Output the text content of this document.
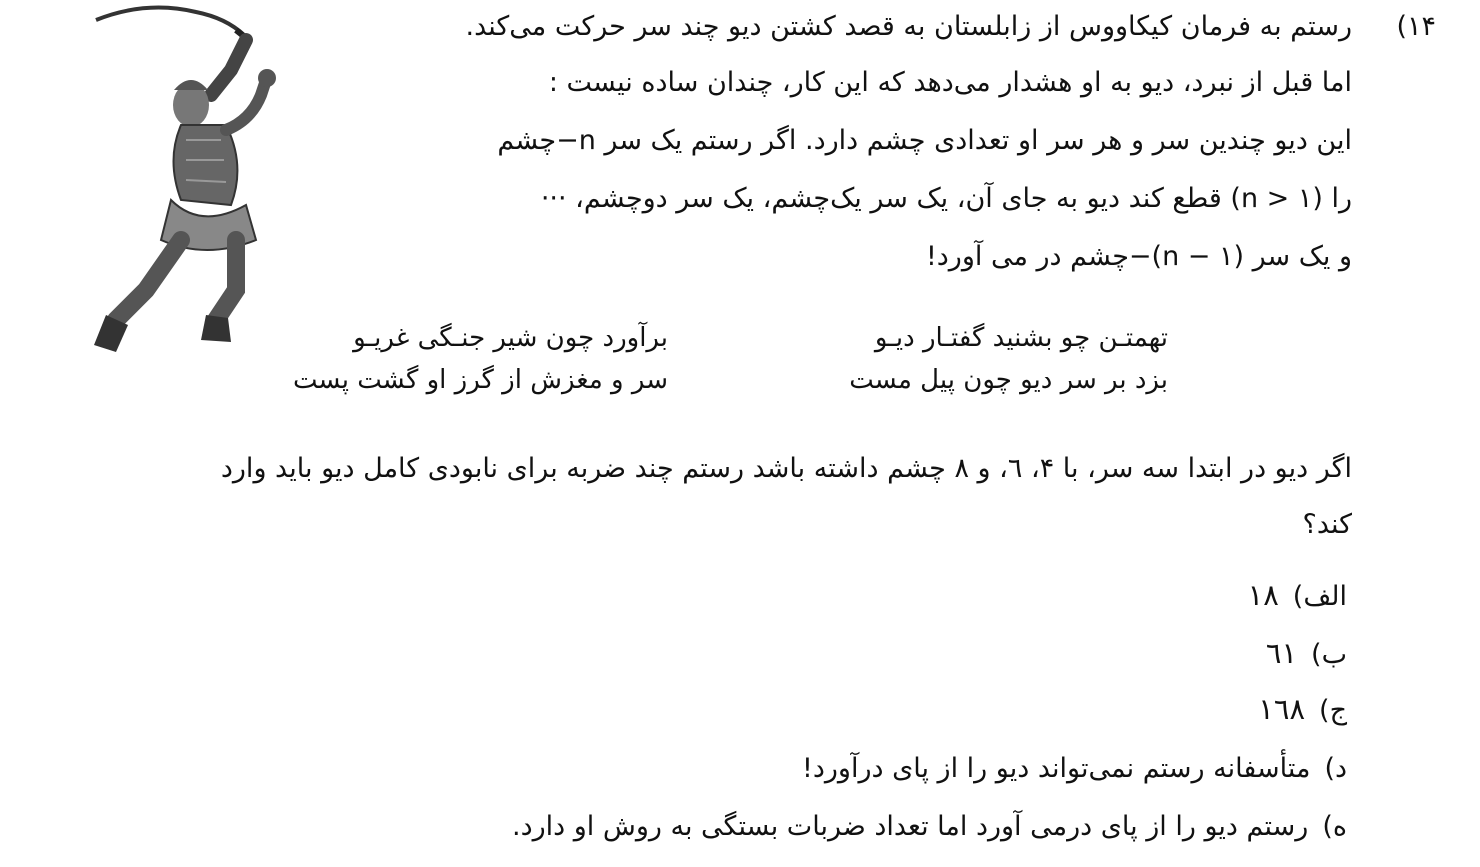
۱۴)
رستم به فرمان کیکاووس از زابلستان به قصد کشتن دیو چند سر حرکت می‌کند.
اما قبل از نبرد، دیو به او هشدار می‌دهد که این کار، چندان ساده نیست :
این دیو چندین سر و هر سر او تعدادی چشم دارد. اگر رستم یک سر n−چشم
را (n > ۱) قطع کند دیو به جای آن، یک سر یک‌چشم، یک سر دوچشم، ···
و یک سر (n − ۱)−چشم در می آورد!
تهمتـن چو بشنید گفتـار دیـو
برآورد چون شیر جنـگی غریـو
بزد بر سر دیو چون پیل مست
سر و مغزش از گرز او گشت پست
اگر دیو در ابتدا سه سر، با ۴، ٦، و ۸ چشم داشته باشد رستم چند ضربه برای نابودی کامل دیو باید وارد
کند؟
الف)۱۸
ب)٦۱
ج)۱٦۸
د)متأسفانه رستم نمی‌تواند دیو را از پای درآورد!
ه)رستم دیو را از پای درمی آورد اما تعداد ضربات بستگی به روش او دارد.
